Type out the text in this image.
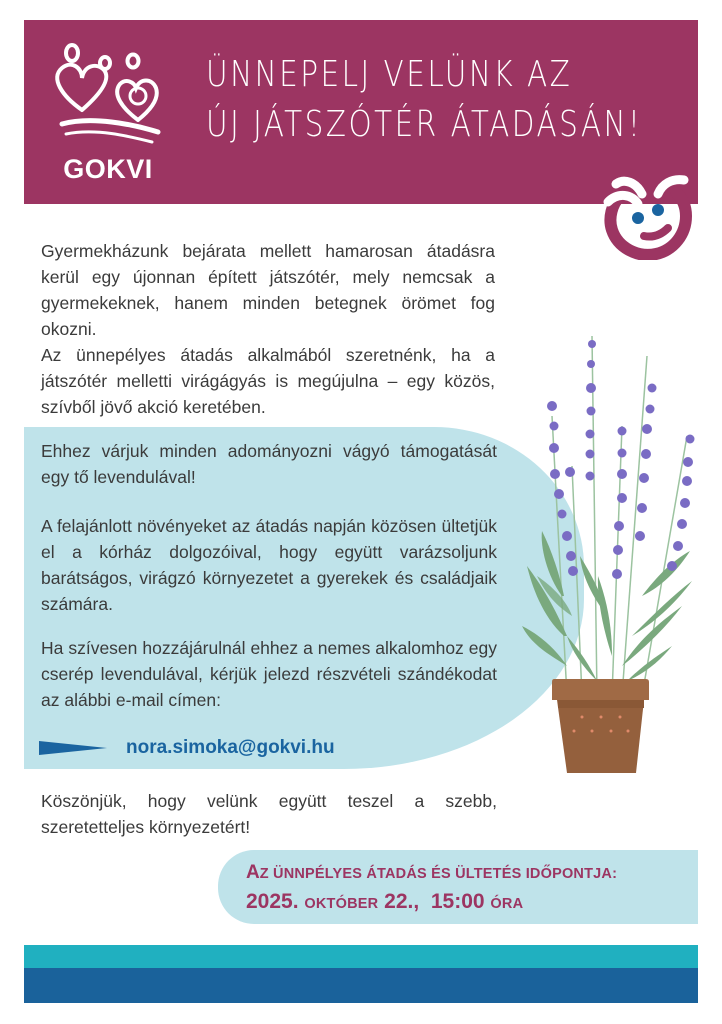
GOKVI
ÜNNEPELJ VELÜNK AZ
ÚJ JÁTSZÓTÉR ÁTADÁSÁN!
Gyermekházunk bejárata mellett hamarosan átadásra kerül egy újonnan épített játszótér, mely nemcsak a gyermekeknek, hanem minden betegnek örömet fog okozni.
Az ünnepélyes átadás alkalmából szeretnénk, ha a játszótér melletti virágágyás is megújulna – egy közös, szívből jövő akció keretében.
Ehhez várjuk minden adományozni vágyó támogatását egy tő levendulával!
A felajánlott növényeket az átadás napján közösen ültetjük el a kórház dolgozóival, hogy együtt varázsoljunk barátságos, virágzó környezetet a gyerekek és családjaik számára.
Ha szívesen hozzájárulnál ehhez a nemes alkalomhoz egy cserép levendulával, kérjük jelezd részvételi szándékodat az alábbi e-mail címen:
nora.simoka@gokvi.hu
Köszönjük, hogy velünk együtt teszel a szebb, szeretetteljes környezetért!
AZ ÜNNPÉLYES ÁTADÁS ÉS ÜLTETÉS IDŐPONTJA:
2025. OKTÓBER 22., 15:00 ÓRA
